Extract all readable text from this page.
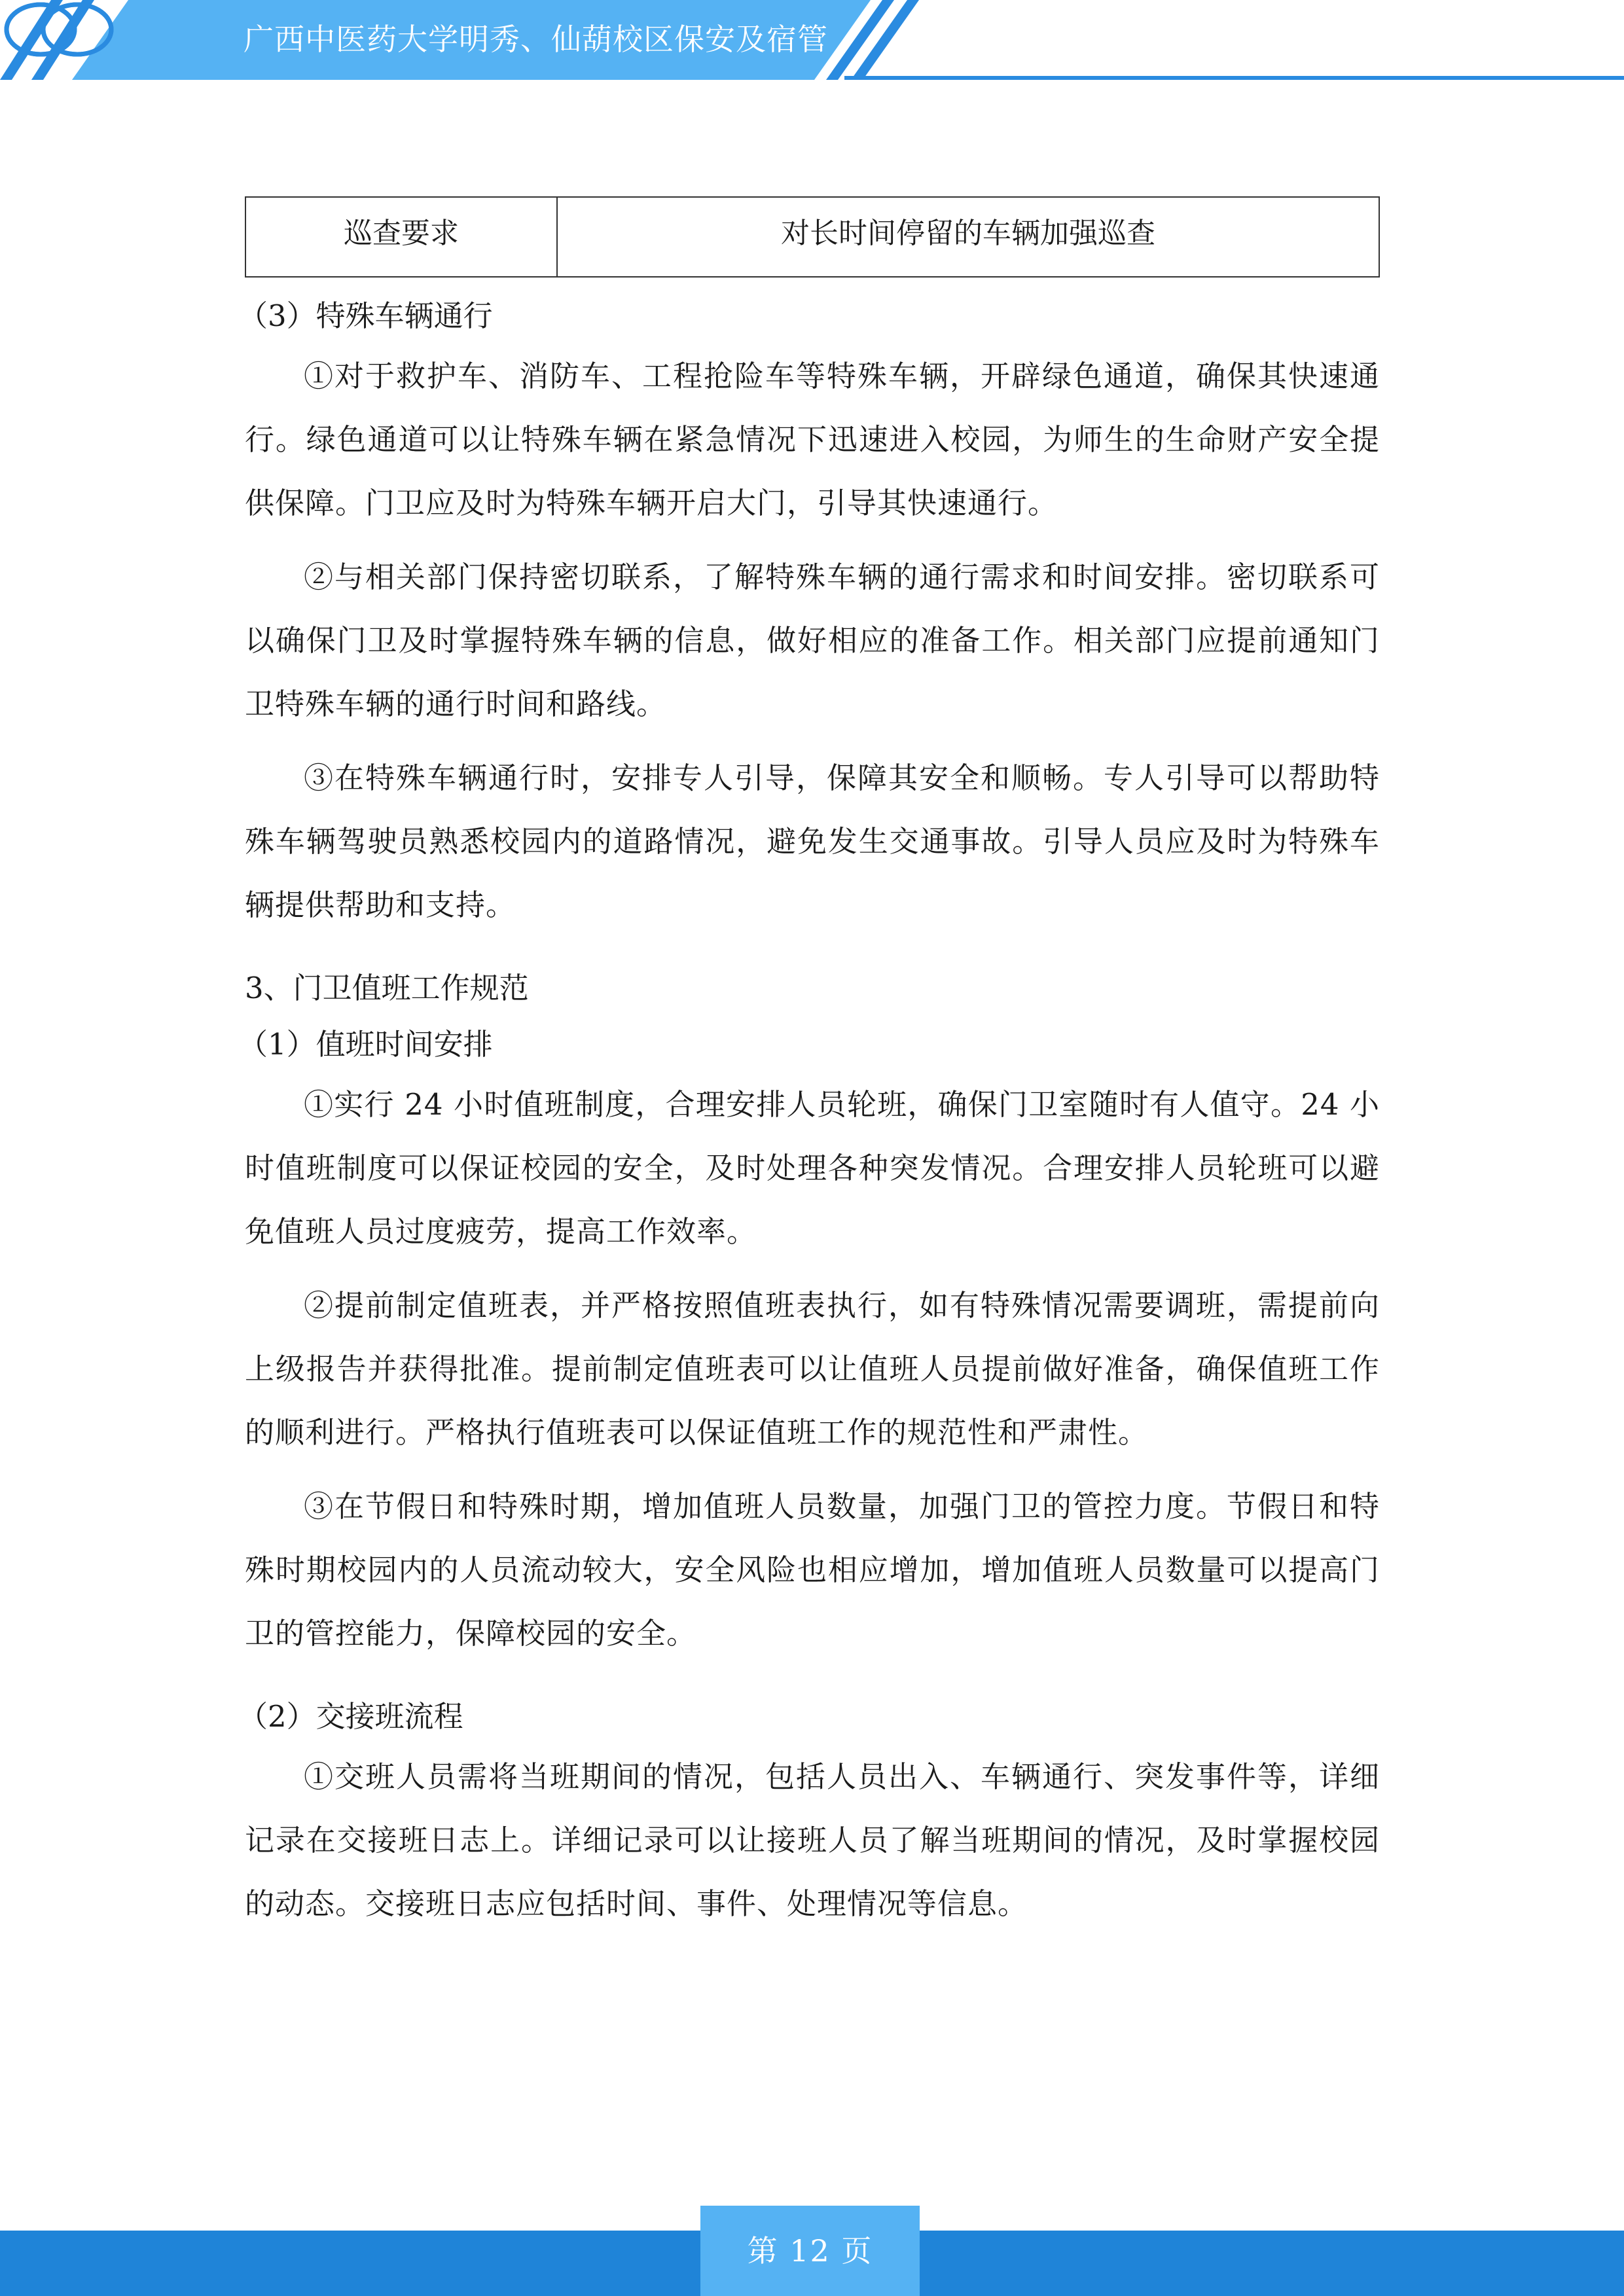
广西中医药大学明秀、仙葫校区保安及宿管
巡查要求	对长时间停留的车辆加强巡查

（3）特殊车辆通行

①对于救护车、消防车、工程抢险车等特殊车辆，开辟绿色通道，确保其快速通行。绿色通道可以让特殊车辆在紧急情况下迅速进入校园，为师生的生命财产安全提供保障。门卫应及时为特殊车辆开启大门，引导其快速通行。

②与相关部门保持密切联系，了解特殊车辆的通行需求和时间安排。密切联系可以确保门卫及时掌握特殊车辆的信息，做好相应的准备工作。相关部门应提前通知门卫特殊车辆的通行时间和路线。

③在特殊车辆通行时，安排专人引导，保障其安全和顺畅。专人引导可以帮助特殊车辆驾驶员熟悉校园内的道路情况，避免发生交通事故。引导人员应及时为特殊车辆提供帮助和支持。

3、门卫值班工作规范

（1）值班时间安排

①实行 24 小时值班制度，合理安排人员轮班，确保门卫室随时有人值守。24 小时值班制度可以保证校园的安全，及时处理各种突发情况。合理安排人员轮班可以避免值班人员过度疲劳，提高工作效率。

②提前制定值班表，并严格按照值班表执行，如有特殊情况需要调班，需提前向上级报告并获得批准。提前制定值班表可以让值班人员提前做好准备，确保值班工作的顺利进行。严格执行值班表可以保证值班工作的规范性和严肃性。

③在节假日和特殊时期，增加值班人员数量，加强门卫的管控力度。节假日和特殊时期校园内的人员流动较大，安全风险也相应增加，增加值班人员数量可以提高门卫的管控能力，保障校园的安全。

（2）交接班流程

①交班人员需将当班期间的情况，包括人员出入、车辆通行、突发事件等，详细记录在交接班日志上。详细记录可以让接班人员了解当班期间的情况，及时掌握校园的动态。交接班日志应包括时间、事件、处理情况等信息。

第 12 页
